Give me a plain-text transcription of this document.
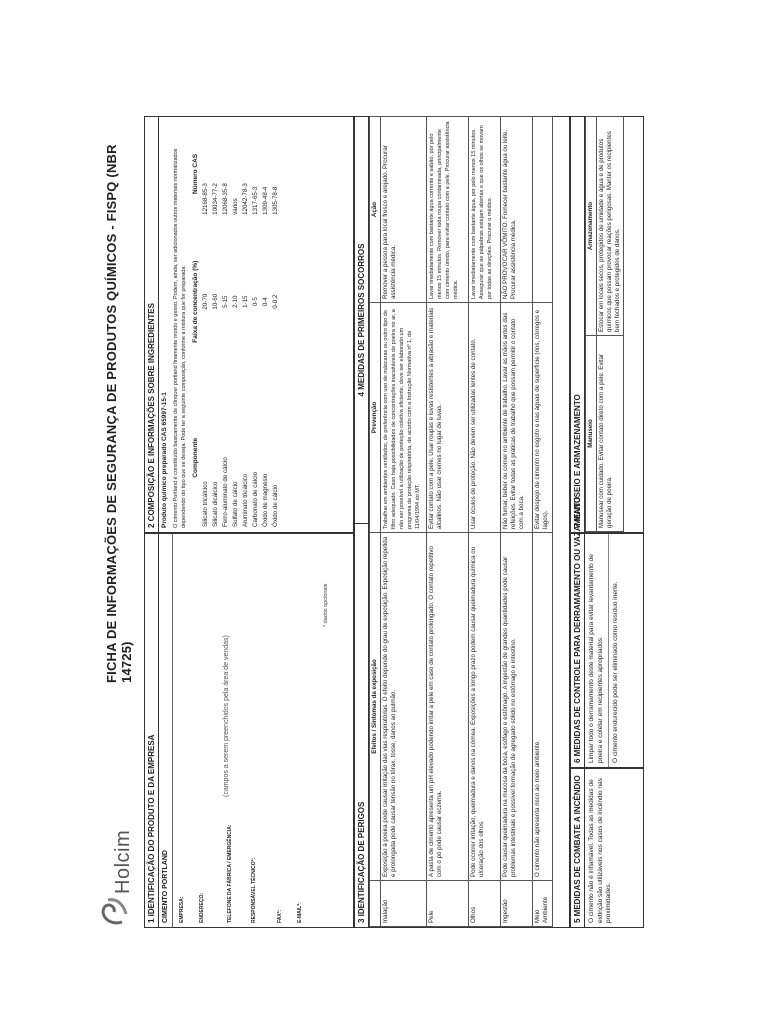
Holcim
FICHA DE INFORMAÇÕES DE SEGURANÇA DE PRODUTOS QUÍMICOS - FISPQ (NBR 14725)
1 IDENTIFICAÇÃO DO PRODUTO E DA EMPRESA CIMENTO PORTLAND	EMPRESA:	ENDEREÇO:	TELEFONE DA FÁBRICA / EMERGÊNCIA:	RESPONSÁVEL TÉCNICO*:	FAX*:	E-MAIL*:
(campos a serem preenchidos pela área de vendas)
* dados opcionais
2 COMPOSIÇÃO E INFORMAÇÕES SOBRE INGREDIENTES Produto químico preparado CAS 65997-15-1 O cimento Portland é constituído basicamente de clínquer portland finamente moído e gesso. Podem, ainda, ser adicionados outros materiais normalizados dependendo do tipo que se deseja. Pode ter a seguinte composição, conforme a mistura que for preparada: Componente	Faixa de concentração (%)	Número CAS
Silicato tricálcico	20-70	12168-85-3
Silicato dicálcico	10-60	10034-77-2
Ferro-aluminato de cálcio	5-15	12068-35-8
Sulfato de cálcio	2-10	vários
Aluminato tricálcico	1-15	12042-78-3
Carbonato de cálcio	0-5	1317-65-3
Óxido de magnésio	0-4	1309-48-4
Óxido de cálcio	0-0,2	1305-78-8
3 IDENTIFICAÇÃO DE PERIGOS
4 MEDIDAS DE PRIMEIROS SOCORROS
	Efeitos / Sintomas da exposição	Prevenção	Ação
Inalação	Exposição à poeira pode causar irritação das vias respiratórias. O efeito depende do grau de exposição. Exposição repetida e prolongada pode causar tensão no tórax, tosse, danos ao pulmão.	Trabalhar em ambientes ventilados, de preferência com uso de máscaras ou outro tipo de filtro adequado. Caso haja possibilidades de concentrações inaceitáveis de poeira no ar, a não ser possível a utilização de proteção coletiva eficiente, deve ser elaborado um programa de proteção respiratória, de acordo com a Instrução Normativa nº 1, de 11/04/1994 do MT.	Remover a pessoa para local fresco e arejado. Procurar assistência médica.
Pele	A pasta de cimento apresenta um pH elevado podendo irritar a pele em caso de contato prolongado. O contato repetitivo com o pó pode causar eczema.	Evitar contato com a pele. Usar roupas e luvas resistentes à abrasão e materiais alcalinos. Não usar cremes no lugar de luvas.	Lavar imediatamente com bastante água corrente e sabão, por pelo menos 15 minutos. Remover toda roupa contaminada, principalmente com cimento úmido, para evitar contato com a pele. Procurar assistência médica.
Olhos	Pode ocorrer irritação, queimadura e danos na córnea. Exposições a longo prazo podem causar queimadura química ou ulceração dos olhos.	Usar óculos de proteção. Não devem ser utilizadas lentes de contato.	Lavar imediatamente com bastante água, por pelo menos 15 minutos. Assegurar que as pálpebras estejam abertas e que os olhos se movam por todas as direções. Procurar o médico.
Ingestão	Pode causar queimadura na mucosa da boca, esôfago e estômago. A ingestão de grandes quantidades pode causar problemas intestinais e possível formação de agregado sólido no estômago e intestino.	Não fumar, beber ou comer no ambiente de trabalho. Lavar as mãos antes das refeições. Evitar todas as práticas de trabalho que possam permitir o contato com a boca.	NÃO PROVOCAR VÔMITO. Fornecer bastante água ou leite. Procurar assistência médica.
Meio Ambiente	O cimento não apresenta risco ao meio ambiente.	Evitar despejo de cimento no esgoto e nas águas de superfície (rios, córregos e lagos).	
5 MEDIDAS DE COMBATE A INCÊNDIO O cimento não é inflamável. Todas as medidas de extinção são utilizáveis nos casos de incêndio nas proximidades.
6 MEDIDAS DE CONTROLE PARA DERRAMAMENTO OU VAZAMENTO Limpar todo o derramamento deste material para evitar levantamento de poeira e coletar em recipientes apropriados.	O cimento endurecido pode ser eliminado como resíduo inerte.
7 MANUSEIO E ARMAZENAMENTO Manuseio	Armazenamento
Manusear com cuidado. Evitar contato direto com a pele. Evitar geração de poeira.	Estocar em locais secos, protegidos de umidade e água e de produtos químicos que possam provocar reações perigosas. Manter os recipientes bem fechados e protegidos de danos.
